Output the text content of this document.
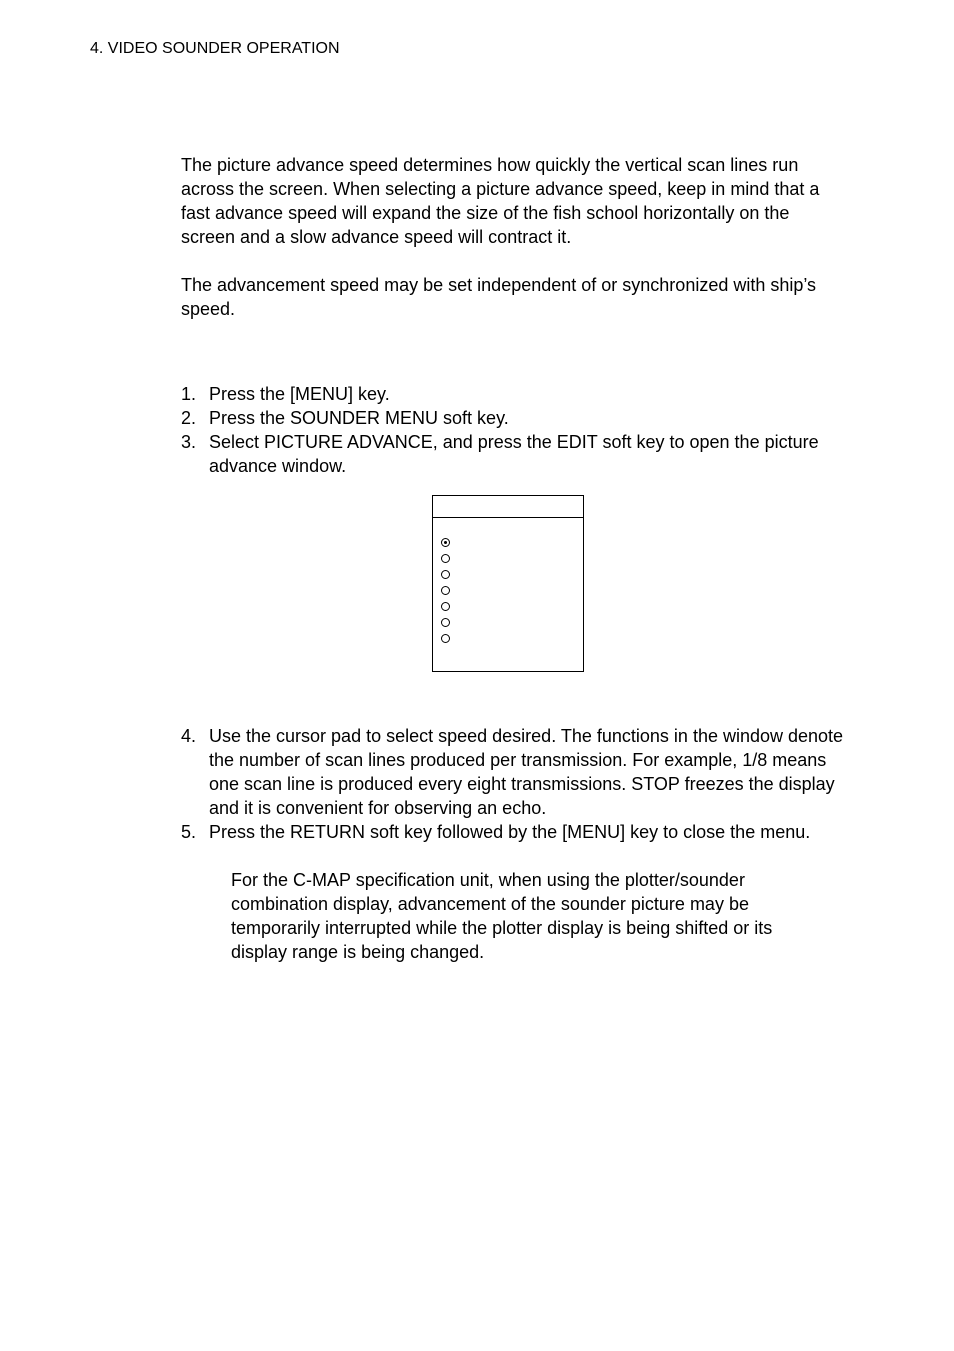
4. VIDEO SOUNDER OPERATION

The picture advance speed determines how quickly the vertical scan lines run across the screen. When selecting a picture advance speed, keep in mind that a fast advance speed will expand the size of the fish school horizontally on the screen and a slow advance speed will contract it.

The advancement speed may be set independent of or synchronized with ship’s speed.

1. Press the [MENU] key.
2. Press the SOUNDER MENU soft key.
3. Select PICTURE ADVANCE, and press the EDIT soft key to open the picture advance window.
4. Use the cursor pad to select speed desired. The functions in the window denote the number of scan lines produced per transmission. For example, 1/8 means one scan line is produced every eight transmissions. STOP freezes the display and it is convenient for observing an echo.
5. Press the RETURN soft key followed by the [MENU] key to close the menu.

For the C-MAP specification unit, when using the plotter/sounder combination display, advancement of the sounder picture may be temporarily interrupted while the plotter display is being shifted or its display range is being changed.
